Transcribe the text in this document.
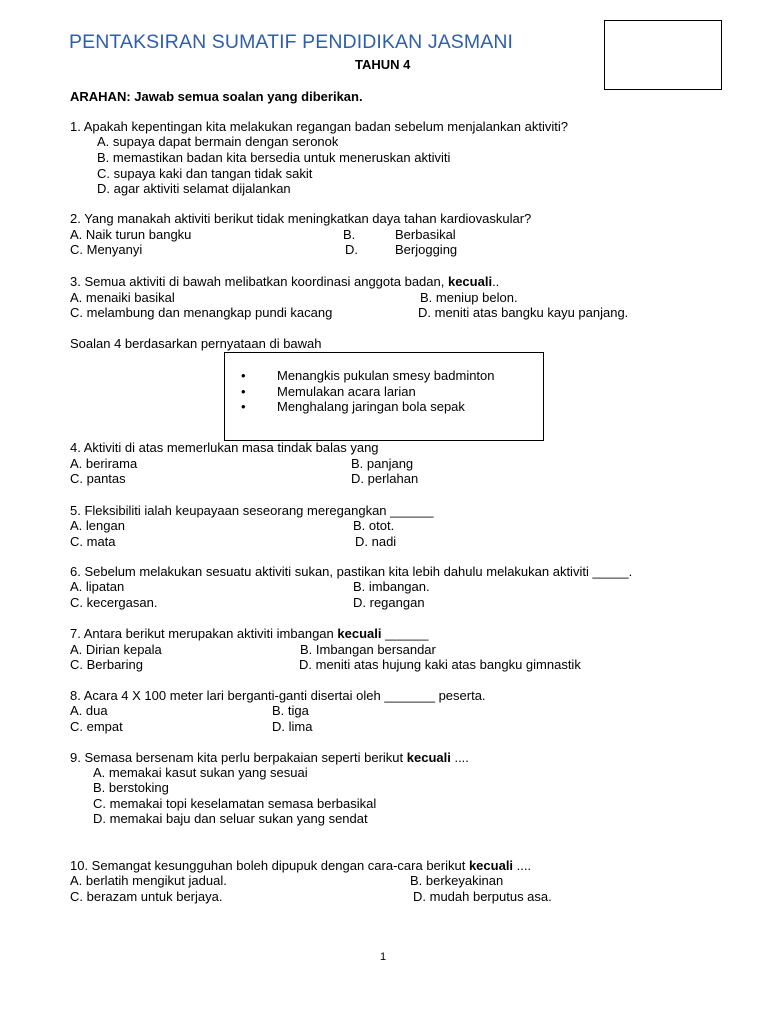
PENTAKSIRAN SUMATIF PENDIDIKAN JASMANI
TAHUN 4
ARAHAN: Jawab semua soalan yang diberikan.
1. Apakah kepentingan kita melakukan regangan badan sebelum menjalankan aktiviti?
A. supaya dapat bermain dengan seronok
B. memastikan badan kita bersedia untuk meneruskan aktiviti
C. supaya kaki dan tangan tidak sakit
D. agar aktiviti selamat dijalankan
2. Yang manakah aktiviti berikut tidak meningkatkan daya tahan kardiovaskular?
A. Naik turun bangku	B.	Berbasikal
C. Menyanyi	D.	Berjogging
3. Semua aktiviti di bawah melibatkan koordinasi anggota badan, kecuali..
A. menaiki basikal	B. meniup belon.
C. melambung dan menangkap pundi kacang	D. meniti atas bangku kayu panjang.
Soalan 4 berdasarkan pernyataan di bawah
• Menangkis pukulan smesy badminton
• Memulakan acara larian
• Menghalang jaringan bola sepak
4. Aktiviti di atas memerlukan masa tindak balas yang
A. berirama	B. panjang
C. pantas	D. perlahan
5. Fleksibiliti ialah keupayaan seseorang meregangkan ______
A. lengan	B. otot.
C. mata	D. nadi
6. Sebelum melakukan sesuatu aktiviti sukan, pastikan kita lebih dahulu melakukan aktiviti _____.
A. lipatan	B. imbangan.
C. kecergasan.	D. regangan
7. Antara berikut merupakan aktiviti imbangan kecuali ______
A. Dirian kepala	B. Imbangan bersandar
C. Berbaring	D. meniti atas hujung kaki atas bangku gimnastik
8. Acara 4 X 100 meter lari berganti-ganti disertai oleh _______ peserta.
A. dua	B. tiga
C. empat	D. lima
9. Semasa bersenam kita perlu berpakaian seperti berikut kecuali ....
A. memakai kasut sukan yang sesuai
B. berstoking
C. memakai topi keselamatan semasa berbasikal
D. memakai baju dan seluar sukan yang sendat
10. Semangat kesungguhan boleh dipupuk dengan cara-cara berikut kecuali ....
A. berlatih mengikut jadual.	B. berkeyakinan
C. berazam untuk berjaya.	D. mudah berputus asa.
1
